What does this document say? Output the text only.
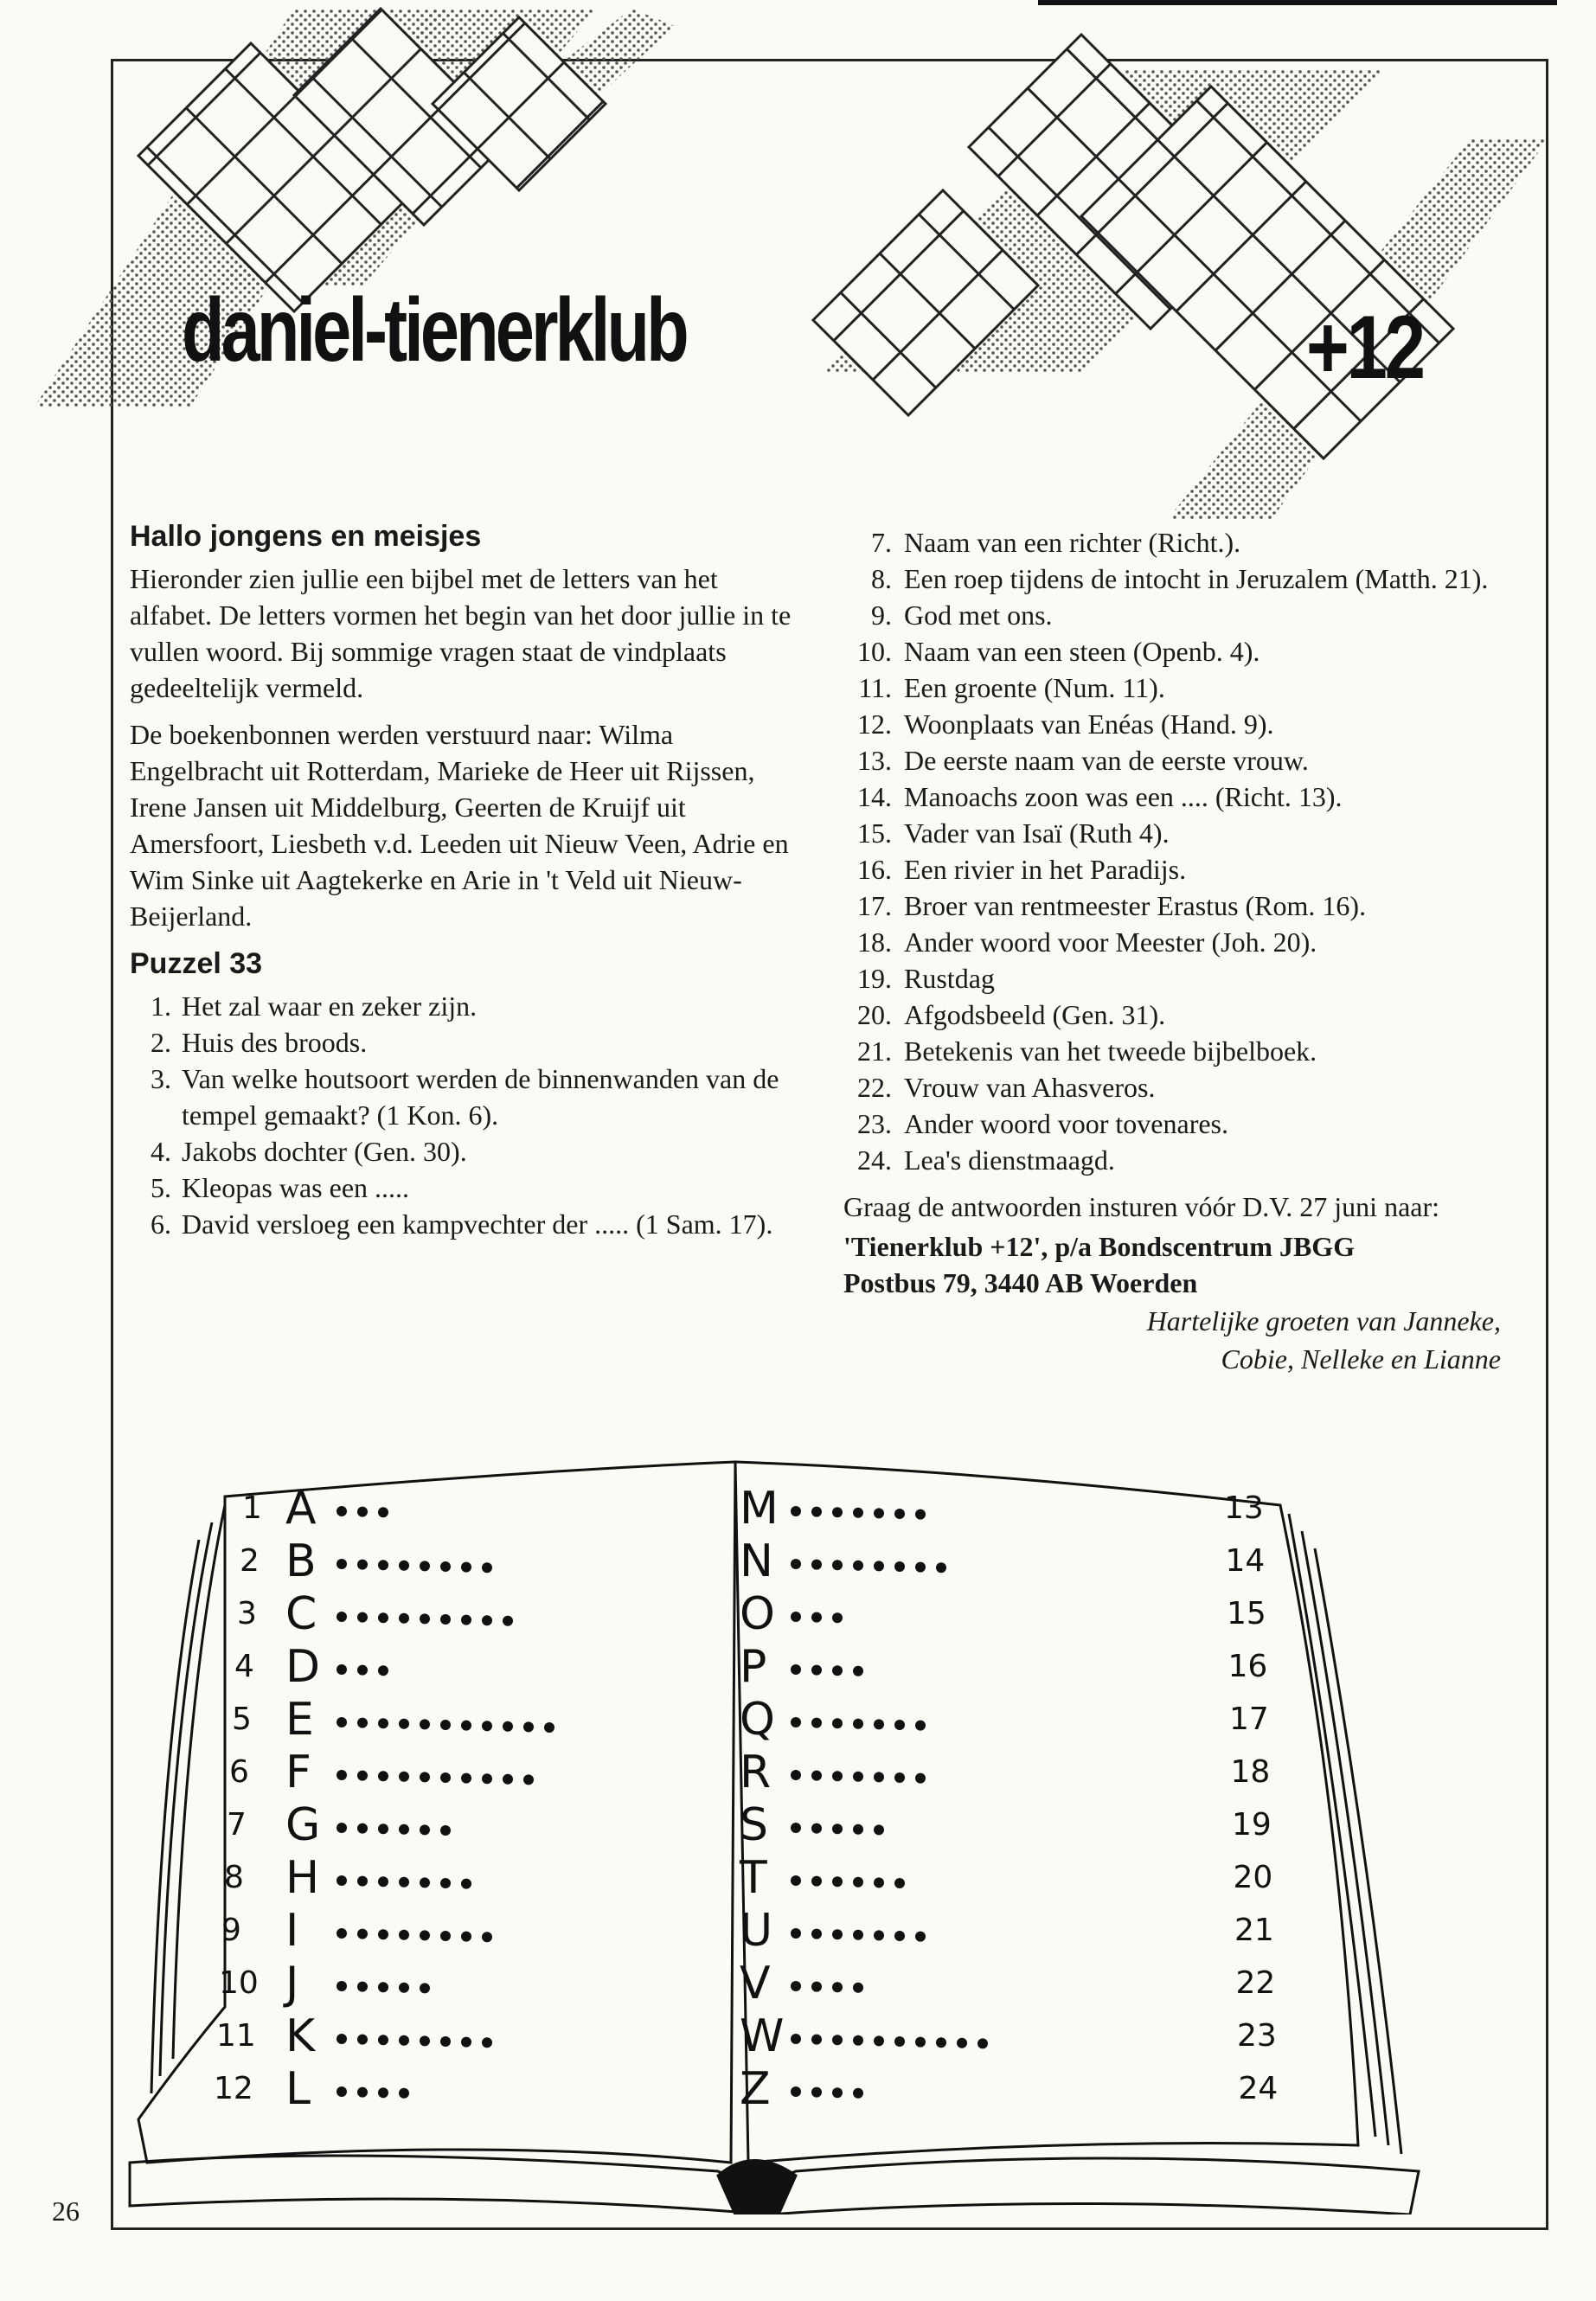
daniel-tienerklub	+12
Hallo jongens en meisjes

Hieronder zien jullie een bijbel met de letters van het alfabet. De letters vormen het begin van het door jullie in te vullen woord. Bij sommige vragen staat de vindplaats gedeeltelijk vermeld.

De boekenbonnen werden verstuurd naar: Wilma Engelbracht uit Rotterdam, Marieke de Heer uit Rijssen, Irene Jansen uit Middelburg, Geerten de Kruijf uit Amersfoort, Liesbeth v.d. Leeden uit Nieuw Veen, Adrie en Wim Sinke uit Aagtekerke en Arie in 't Veld uit Nieuw-Beijerland.

Puzzel 33
1. Het zal waar en zeker zijn.
2. Huis des broods.
3. Van welke houtsoort werden de binnenwanden van de tempel gemaakt? (1 Kon. 6).
4. Jakobs dochter (Gen. 30).
5. Kleopas was een .....
6. David versloeg een kampvechter der ..... (1 Sam. 17).
7. Naam van een richter (Richt.).
8. Een roep tijdens de intocht in Jeruzalem (Matth. 21).
9. God met ons.
10. Naam van een steen (Openb. 4).
11. Een groente (Num. 11).
12. Woonplaats van Enéas (Hand. 9).
13. De eerste naam van de eerste vrouw.
14. Manoachs zoon was een .... (Richt. 13).
15. Vader van Isaï (Ruth 4).
16. Een rivier in het Paradijs.
17. Broer van rentmeester Erastus (Rom. 16).
18. Ander woord voor Meester (Joh. 20).
19. Rustdag
20. Afgodsbeeld (Gen. 31).
21. Betekenis van het tweede bijbelboek.
22. Vrouw van Ahasveros.
23. Ander woord voor tovenares.
24. Lea's dienstmaagd.

Graag de antwoorden insturen vóór D.V. 27 juni naar:

'Tienerklub +12', p/a Bondscentrum JBGG
Postbus 79, 3440 AB Woerden
Hartelijke groeten van Janneke,
Cobie, Nelleke en Lianne
1 A
2 B
3 C
4 D
5 E
6 F
7 G
8 H
9 I
10 J
11 K
12 L
13
M
14
N
15
O
16
P
17
Q
18
R
19
S
20
T
21
U
22
V
23
W
24
Z
26
